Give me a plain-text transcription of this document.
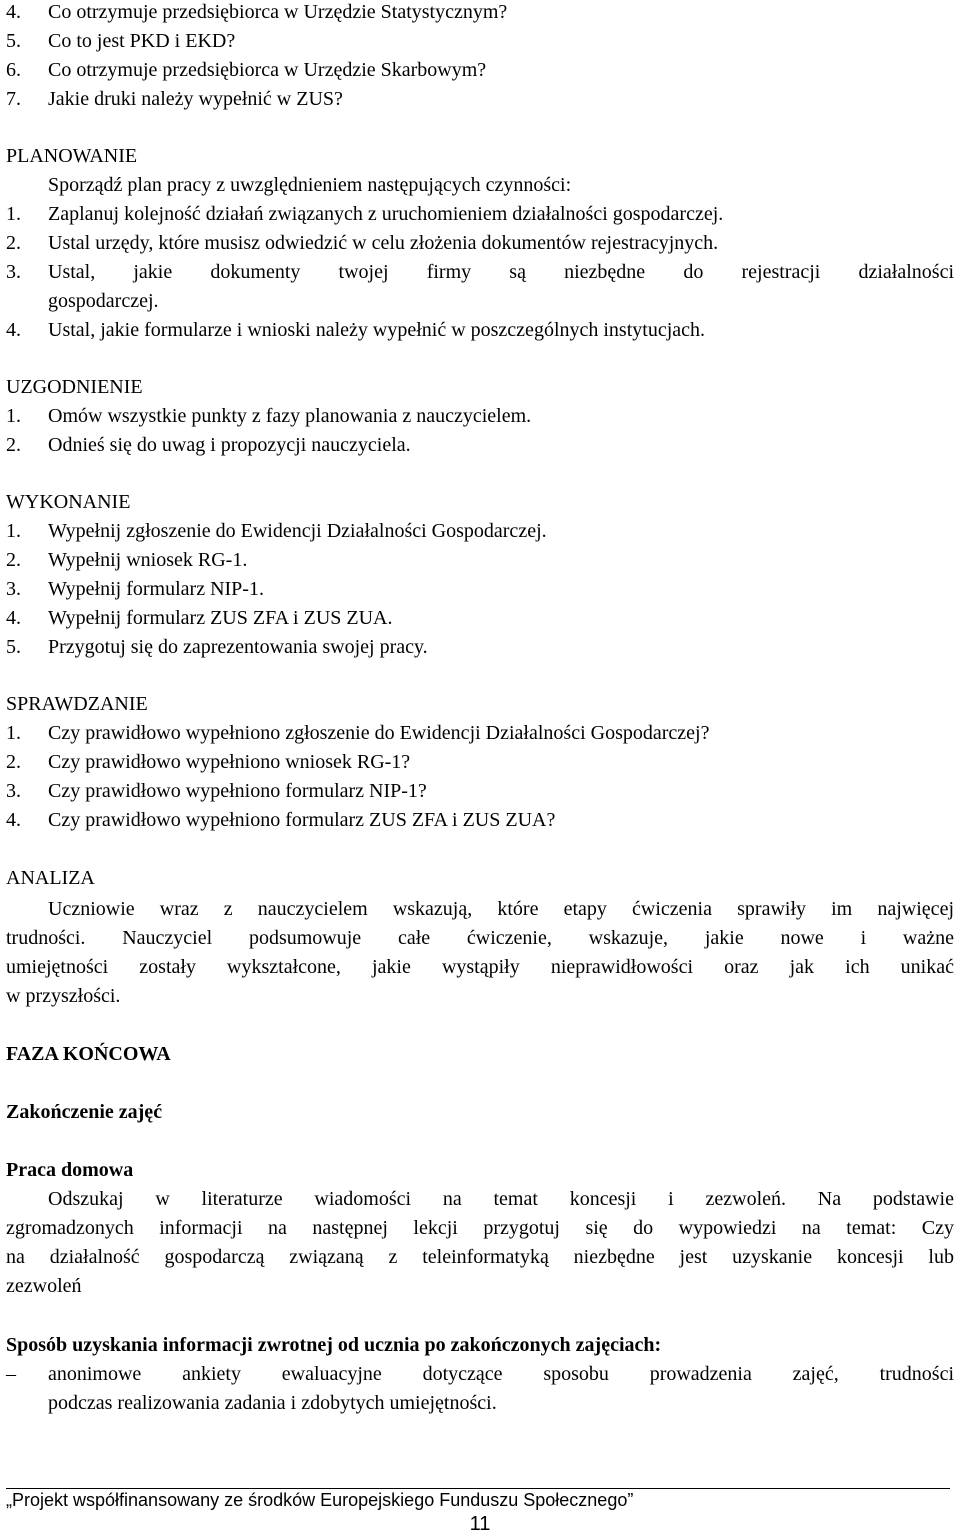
4. Co otrzymuje przedsiębiorca w Urzędzie Statystycznym?
5. Co to jest PKD i EKD?
6. Co otrzymuje przedsiębiorca w Urzędzie Skarbowym?
7. Jakie druki należy wypełnić w ZUS?
PLANOWANIE
Sporządź plan pracy z uwzględnieniem następujących czynności:
1. Zaplanuj kolejność działań związanych z uruchomieniem działalności gospodarczej.
2. Ustal urzędy, które musisz odwiedzić w celu złożenia dokumentów rejestracyjnych.
3. Ustal, jakie dokumenty twojej firmy są niezbędne do rejestracji działalności
gospodarczej.
4. Ustal, jakie formularze i wnioski należy wypełnić w poszczególnych instytucjach.
UZGODNIENIE
1. Omów wszystkie punkty z fazy planowania z nauczycielem.
2. Odnieś się do uwag i propozycji nauczyciela.
WYKONANIE
1. Wypełnij zgłoszenie do Ewidencji Działalności Gospodarczej.
2. Wypełnij wniosek RG-1.
3. Wypełnij formularz NIP-1.
4. Wypełnij formularz ZUS ZFA i ZUS ZUA.
5. Przygotuj się do zaprezentowania swojej pracy.
SPRAWDZANIE
1. Czy prawidłowo wypełniono zgłoszenie do Ewidencji Działalności Gospodarczej?
2. Czy prawidłowo wypełniono wniosek RG-1?
3. Czy prawidłowo wypełniono formularz NIP-1?
4. Czy prawidłowo wypełniono formularz ZUS ZFA i ZUS ZUA?
ANALIZA
Uczniowie wraz z nauczycielem wskazują, które etapy ćwiczenia sprawiły im najwięcej
trudności. Nauczyciel podsumowuje całe ćwiczenie, wskazuje, jakie nowe i ważne
umiejętności zostały wykształcone, jakie wystąpiły nieprawidłowości oraz jak ich unikać
w przyszłości.
FAZA KOŃCOWA
Zakończenie zajęć
Praca domowa
Odszukaj w literaturze wiadomości na temat koncesji i zezwoleń. Na podstawie
zgromadzonych informacji na następnej lekcji przygotuj się do wypowiedzi na temat: Czy
na działalność gospodarczą związaną z teleinformatyką niezbędne jest uzyskanie koncesji lub
zezwoleń
Sposób uzyskania informacji zwrotnej od ucznia po zakończonych zajęciach:
– anonimowe ankiety ewaluacyjne dotyczące sposobu prowadzenia zajęć, trudności
podczas realizowania zadania i zdobytych umiejętności.
„Projekt współfinansowany ze środków Europejskiego Funduszu Społecznego”
11
